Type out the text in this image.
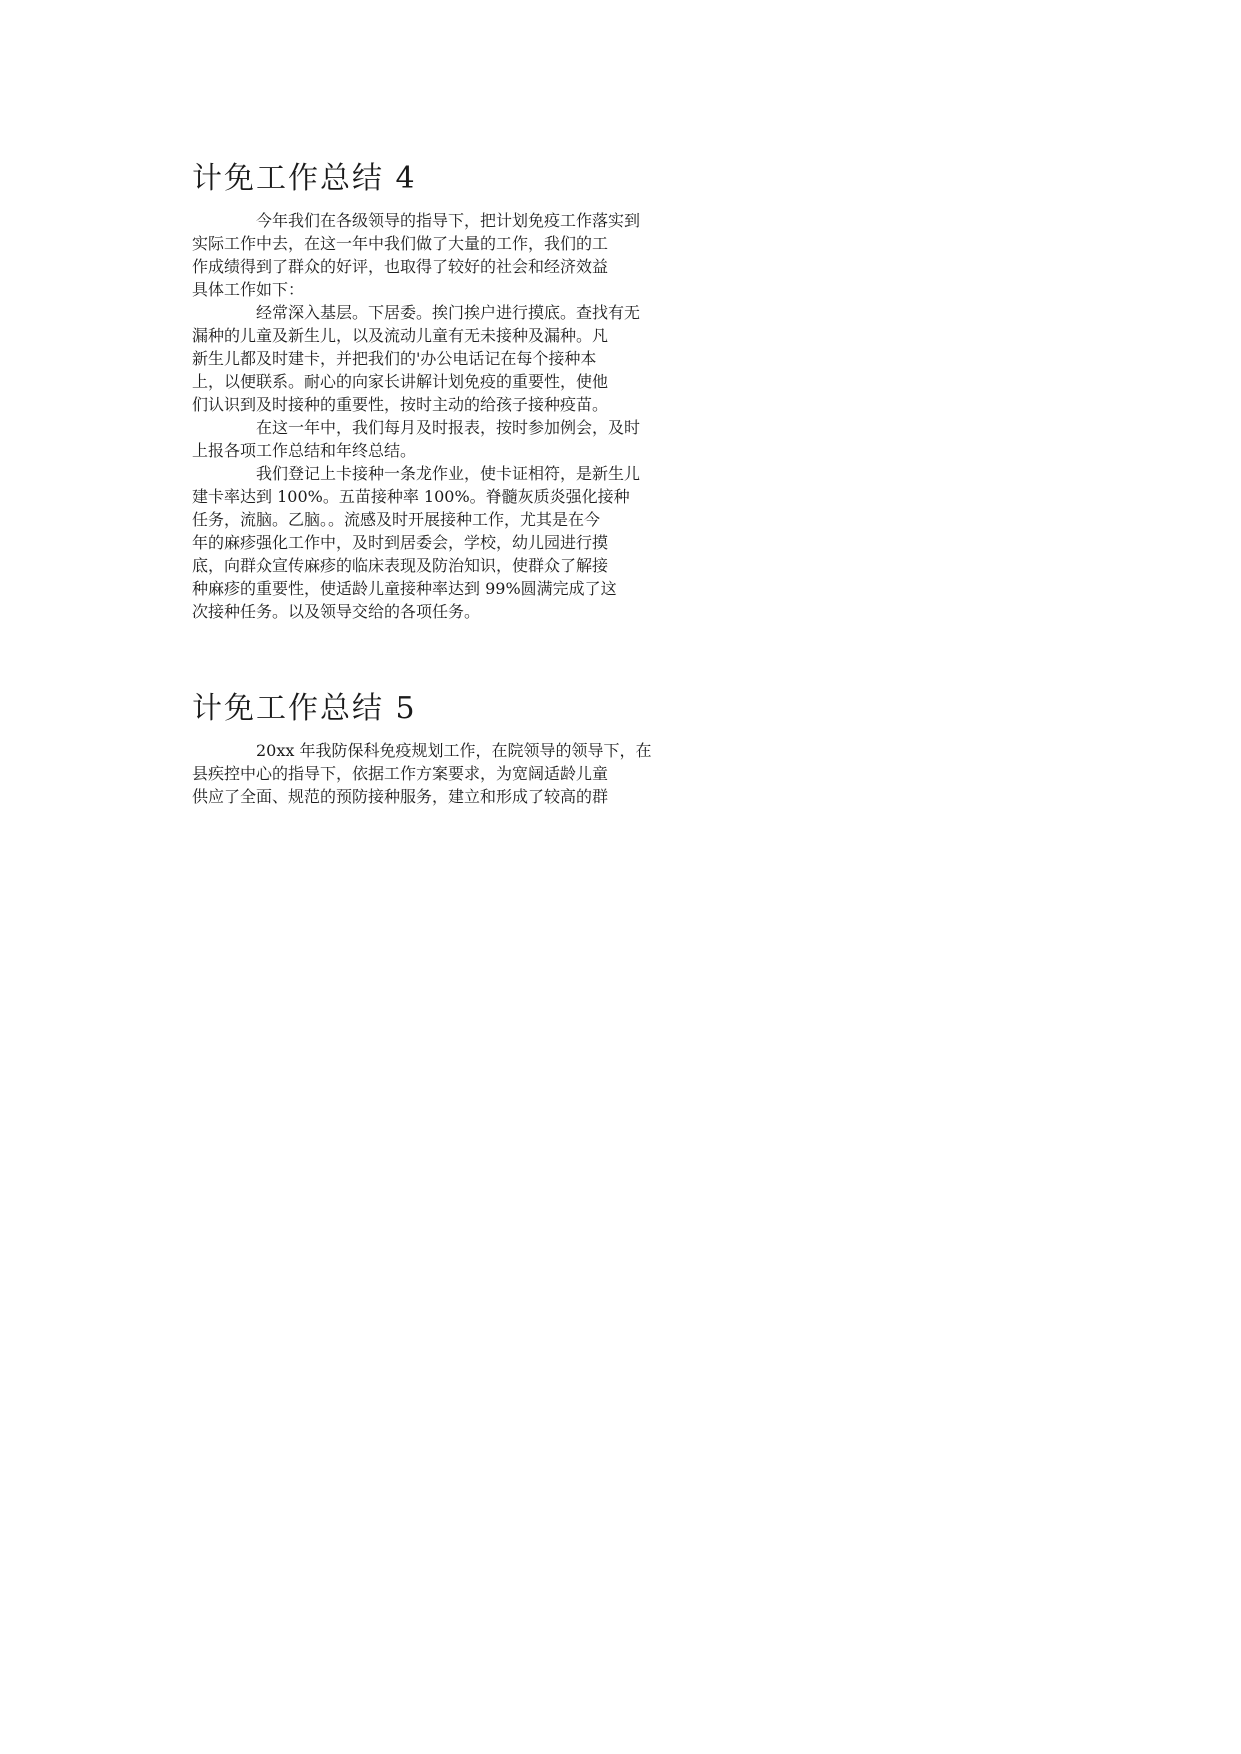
计免工作总结 4
今年我们在各级领导的指导下，把计划免疫工作落实到
实际工作中去，在这一年中我们做了大量的工作，我们的工
作成绩得到了群众的好评，也取得了较好的社会和经济效益
具体工作如下：
经常深入基层。下居委。挨门挨户进行摸底。查找有无
漏种的儿童及新生儿，以及流动儿童有无未接种及漏种。凡
新生儿都及时建卡，并把我们的'办公电话记在每个接种本
上，以便联系。耐心的向家长讲解计划免疫的重要性，使他
们认识到及时接种的重要性，按时主动的给孩子接种疫苗。
在这一年中，我们每月及时报表，按时参加例会，及时
上报各项工作总结和年终总结。
我们登记上卡接种一条龙作业，使卡证相符，是新生儿
建卡率达到 100%。五苗接种率 100%。脊髓灰质炎强化接种
任务，流脑。乙脑。。流感及时开展接种工作，尤其是在今
年的麻疹强化工作中，及时到居委会，学校，幼儿园进行摸
底，向群众宣传麻疹的临床表现及防治知识，使群众了解接
种麻疹的重要性，使适龄儿童接种率达到 99%圆满完成了这
次接种任务。以及领导交给的各项任务。
计免工作总结 5
20xx 年我防保科免疫规划工作，在院领导的领导下，在
县疾控中心的指导下，依据工作方案要求，为宽阔适龄儿童
供应了全面、规范的预防接种服务，建立和形成了较高的群
